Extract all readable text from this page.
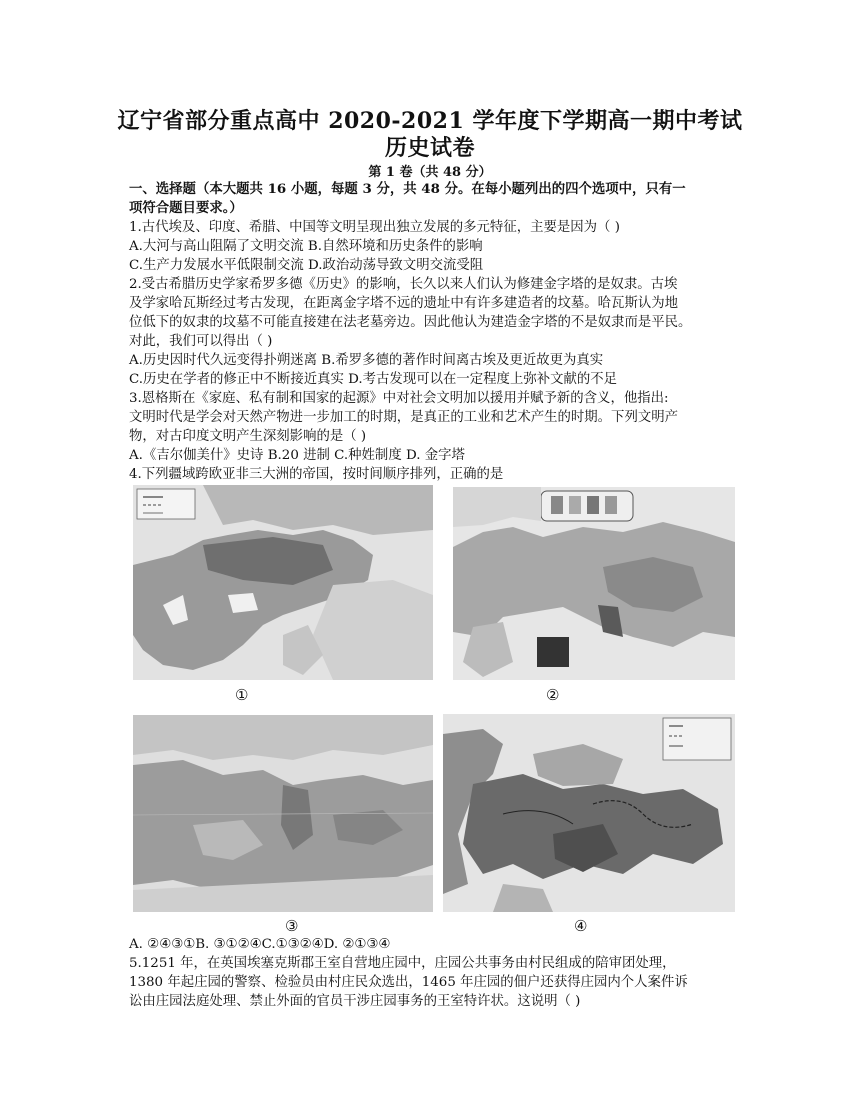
辽宁省部分重点高中 2020-2021 学年度下学期高一期中考试
历史试卷
第 1 卷（共 48 分）
一、选择题（本大题共 16 小题，每题 3 分，共 48 分。在每小题列出的四个选项中，只有一
项符合题目要求。）
1.古代埃及、印度、希腊、中国等文明呈现出独立发展的多元特征，主要是因为（ )
A.大河与高山阻隔了文明交流 B.自然环境和历史条件的影响
C.生产力发展水平低限制交流 D.政治动荡导致文明交流受阻
2.受古希腊历史学家希罗多德《历史》的影响，长久以来人们认为修建金字塔的是奴隶。古埃
及学家哈瓦斯经过考古发现，在距离金字塔不远的遗址中有许多建造者的坟墓。哈瓦斯认为地
位低下的奴隶的坟墓不可能直接建在法老墓旁边。因此他认为建造金字塔的不是奴隶而是平民。
对此，我们可以得出（ )
A.历史因时代久远变得扑朔迷离 B.希罗多德的著作时间离古埃及更近故更为真实
C.历史在学者的修正中不断接近真实 D.考古发现可以在一定程度上弥补文献的不足
3.恩格斯在《家庭、私有制和国家的起源》中对社会文明加以援用并赋予新的含义，他指出:
文明时代是学会对天然产物进一步加工的时期，是真正的工业和艺术产生的时期。下列文明产
物，对古印度文明产生深刻影响的是（ )
A.《吉尔伽美什》史诗 B.20 进制 C.种姓制度 D. 金字塔
4.下列疆域跨欧亚非三大洲的帝国，按时间顺序排列，正确的是
①	②
③	④
A. ②④③①B. ③①②④C.①③②④D. ②①③④
5.1251 年，在英国埃塞克斯郡王室自营地庄园中，庄园公共事务由村民组成的陪审团处理，
1380 年起庄园的警察、检验员由村庄民众选出，1465 年庄园的佃户还获得庄园内个人案件诉
讼由庄园法庭处理、禁止外面的官员干涉庄园事务的王室特许状。这说明（ )
